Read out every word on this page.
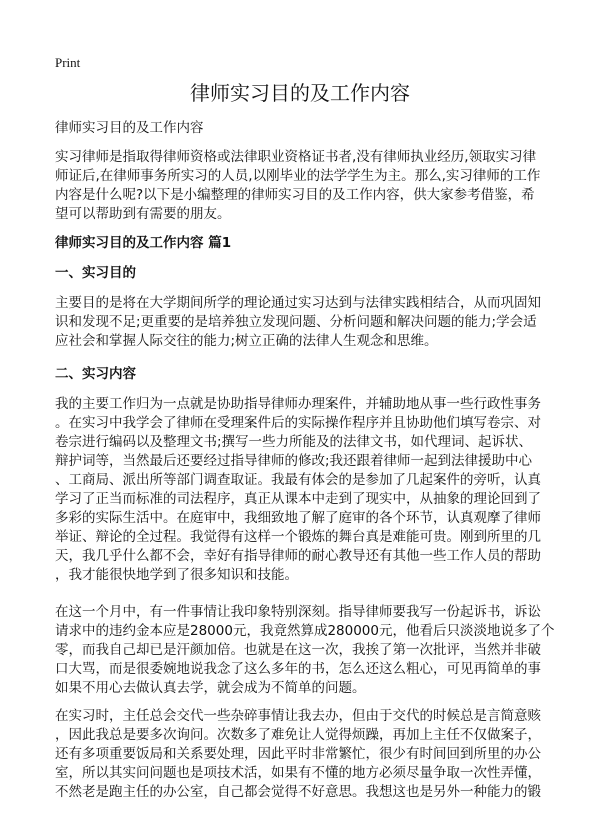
Print
律师实习目的及工作内容
律师实习目的及工作内容
实习律师是指取得律师资格或法律职业资格证书者,没有律师执业经历,领取实习律
师证后,在律师事务所实习的人员,以刚毕业的法学学生为主。那么,实习律师的工作
内容是什么呢?以下是小编整理的律师实习目的及工作内容，供大家参考借鉴，希
望可以帮助到有需要的朋友。
律师实习目的及工作内容 篇1
一、实习目的
主要目的是将在大学期间所学的理论通过实习达到与法律实践相结合，从而巩固知
识和发现不足;更重要的是培养独立发现问题、分析问题和解决问题的能力;学会适
应社会和掌握人际交往的能力;树立正确的法律人生观念和思维。
二、实习内容
我的主要工作归为一点就是协助指导律师办理案件，并辅助地从事一些行政性事务
。在实习中我学会了律师在受理案件后的实际操作程序并且协助他们填写卷宗、对
卷宗进行编码以及整理文书;撰写一些力所能及的法律文书，如代理词、起诉状、
辩护词等，当然最后还要经过指导律师的修改;我还跟着律师一起到法律援助中心
、工商局、派出所等部门调查取证。我最有体会的是参加了几起案件的旁听，认真
学习了正当而标准的司法程序，真正从课本中走到了现实中，从抽象的理论回到了
多彩的实际生活中。在庭审中，我细致地了解了庭审的各个环节，认真观摩了律师
举证、辩论的全过程。我觉得有这样一个锻炼的舞台真是难能可贵。刚到所里的几
天，我几乎什么都不会，幸好有指导律师的耐心教导还有其他一些工作人员的帮助
，我才能很快地学到了很多知识和技能。
在这一个月中，有一件事情让我印象特别深刻。指导律师要我写一份起诉书，诉讼
请求中的违约金本应是28000元，我竟然算成280000元，他看后只淡淡地说多了个
零，而我自己却已是汗颜加倍。也就是在这一次，我挨了第一次批评，当然并非破
口大骂，而是很委婉地说我念了这么多年的书，怎么还这么粗心，可见再简单的事
如果不用心去做认真去学，就会成为不简单的问题。
在实习时，主任总会交代一些杂碎事情让我去办，但由于交代的时候总是言简意赅
，因此我总是要多次询问。次数多了难免让人觉得烦躁，再加上主任不仅做案子，
还有多项重要饭局和关系要处理，因此平时非常繁忙，很少有时间回到所里的办公
室，所以其实问问题也是项技术活，如果有不懂的地方必须尽量争取一次性弄懂，
不然老是跑主任的办公室，自己都会觉得不好意思。我想这也是另外一种能力的锻
